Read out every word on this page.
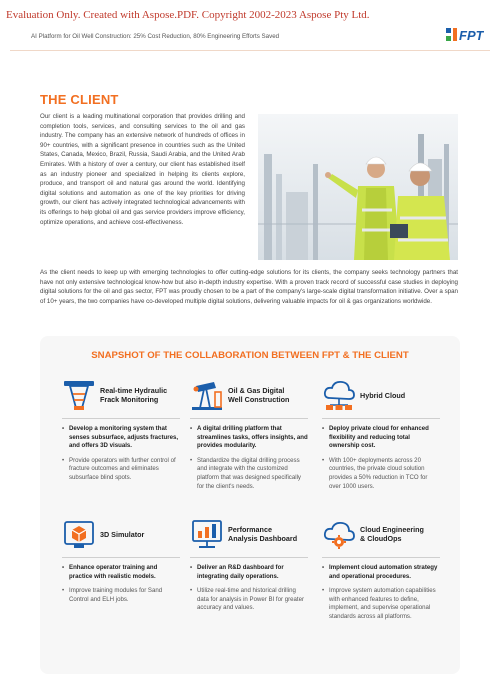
Evaluation Only. Created with Aspose.PDF. Copyright 2002-2023 Aspose Pty Ltd.
AI Platform for Oil Well Construction: 25% Cost Reduction, 80% Engineering Efforts Saved	FPT
THE CLIENT

Our client is a leading multinational corporation that provides drilling and completion tools, services, and consulting services to the oil and gas industry. The company has an extensive network of hundreds of offices in 90+ countries, with a significant presence in countries such as the United States, Canada, Mexico, Brazil, Russia, Saudi Arabia, and the United Arab Emirates. With a history of over a century, our client has established itself as an industry pioneer and specialized in helping its clients explore, produce, and transport oil and natural gas around the world. Identifying digital solutions and automation as one of the key priorities for driving growth, our client has actively integrated technological advancements with its offerings to help global oil and gas service providers improve efficiency, optimize operations, and achieve cost-effectiveness.

As the client needs to keep up with emerging technologies to offer cutting-edge solutions for its clients, the company seeks technology partners that have not only extensive technological know-how but also in-depth industry expertise. With a proven track record of successful case studies in deploying digital solutions for the oil and gas sector, FPT was proudly chosen to be a part of the company's large-scale digital transformation initiative. Over a span of 10+ years, the two companies have co-developed multiple digital solutions, delivering valuable impacts for oil & gas organizations worldwide.

SNAPSHOT OF THE COLLABORATION BETWEEN FPT & THE CLIENT
Real-time Hydraulic
Frack Monitoring
• Develop a monitoring system that senses subsurface, adjusts fractures, and offers 3D visuals.
• Provide operators with further control of fracture outcomes and eliminates subsurface blind spots.
Oil & Gas Digital
Well Construction
• A digital drilling platform that streamlines tasks, offers insights, and provides modularity.
• Standardize the digital drilling process and integrate with the customized platform that was designed specifically for the client's needs.
Hybrid Cloud
• Deploy private cloud for enhanced flexibility and reducing total ownership cost.
• With 100+ deployments across 20 countries, the private cloud solution provides a 50% reduction in TCO for over 1000 users.
3D Simulator
• Enhance operator training and practice with realistic models.
• Improve training modules for Sand Control and ELH jobs.
Performance
Analysis Dashboard
• Deliver an R&D dashboard for integrating daily operations.
• Utilize real-time and historical drilling data for analysis in Power BI for greater accuracy and values.
Cloud Engineering
& CloudOps
• Implement cloud automation strategy and operational procedures.
• Improve system automation capabilities with enhanced features to define, implement, and supervise operational standards across all platforms.
